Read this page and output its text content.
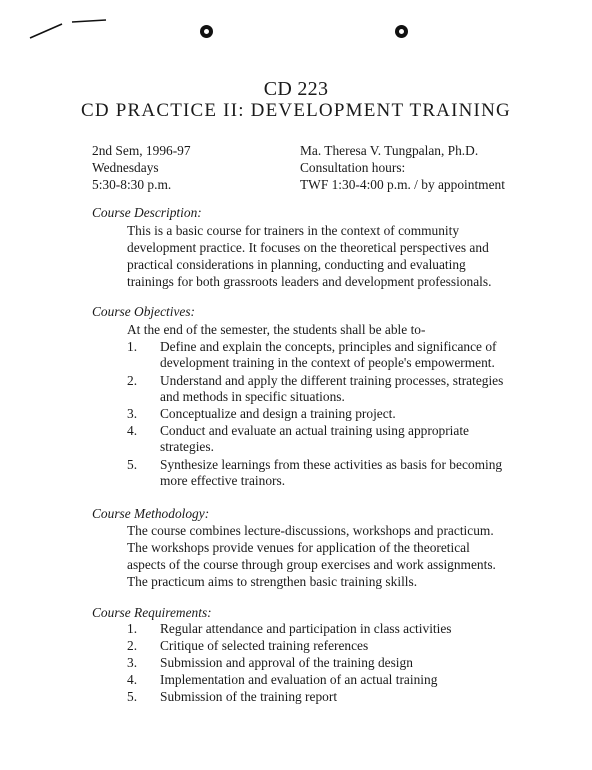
CD 223
CD PRACTICE II: DEVELOPMENT TRAINING
2nd Sem, 1996-97
Wednesdays
5:30-8:30 p.m.
Ma. Theresa V. Tungpalan, Ph.D.
Consultation hours:
TWF 1:30-4:00 p.m. / by appointment
Course Description:
This is a basic course for trainers in the context of community
development practice. It focuses on the theoretical perspectives and
practical considerations in planning, conducting and evaluating
trainings for both grassroots leaders and development professionals.
Course Objectives:
At the end of the semester, the students shall be able to-
1. Define and explain the concepts, principles and significance of
development training in the context of people's empowerment.
2. Understand and apply the different training processes, strategies
and methods in specific situations.
3. Conceptualize and design a training project.
4. Conduct and evaluate an actual training using appropriate
strategies.
5. Synthesize learnings from these activities as basis for becoming
more effective trainors.
Course Methodology:
The course combines lecture-discussions, workshops and practicum.
The workshops provide venues for application of the theoretical
aspects of the course through group exercises and work assignments.
The practicum aims to strengthen basic training skills.
Course Requirements:
1. Regular attendance and participation in class activities
2. Critique of selected training references
3. Submission and approval of the training design
4. Implementation and evaluation of an actual training
5. Submission of the training report
